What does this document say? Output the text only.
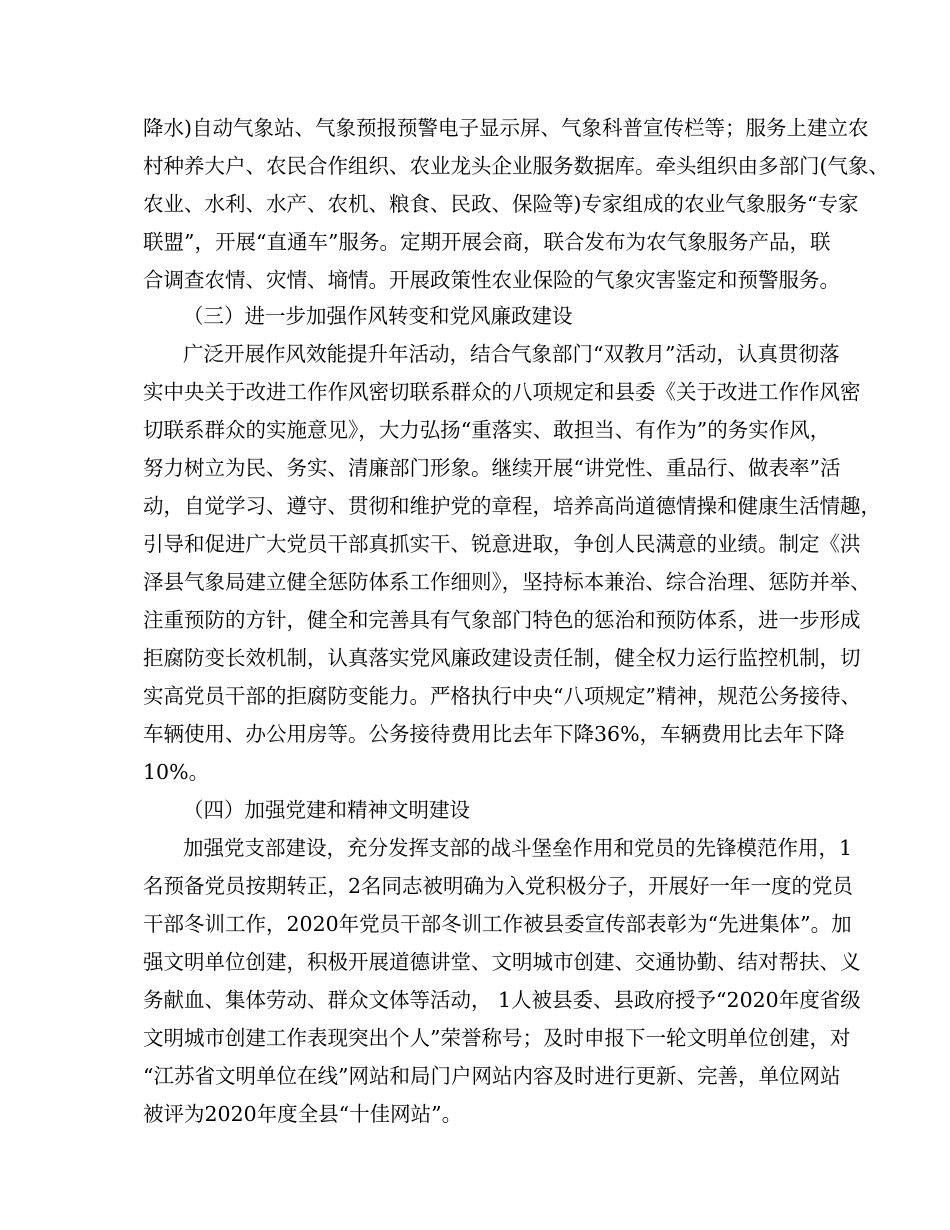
降水)自动气象站、气象预报预警电子显示屏、气象科普宣传栏等；服务上建立农
村种养大户、农民合作组织、农业龙头企业服务数据库。牵头组织由多部门(气象、
农业、水利、水产、农机、粮食、民政、保险等)专家组成的农业气象服务“专家
联盟”，开展“直通车”服务。定期开展会商，联合发布为农气象服务产品，联
合调查农情、灾情、墒情。开展政策性农业保险的气象灾害鉴定和预警服务。
（三）进一步加强作风转变和党风廉政建设
广泛开展作风效能提升年活动，结合气象部门“双教月”活动，认真贯彻落
实中央关于改进工作作风密切联系群众的八项规定和县委《关于改进工作作风密
切联系群众的实施意见》，大力弘扬“重落实、敢担当、有作为”的务实作风，
努力树立为民、务实、清廉部门形象。继续开展“讲党性、重品行、做表率”活
动，自觉学习、遵守、贯彻和维护党的章程，培养高尚道德情操和健康生活情趣，
引导和促进广大党员干部真抓实干、锐意进取，争创人民满意的业绩。制定《洪
泽县气象局建立健全惩防体系工作细则》，坚持标本兼治、综合治理、惩防并举、
注重预防的方针，健全和完善具有气象部门特色的惩治和预防体系，进一步形成
拒腐防变长效机制，认真落实党风廉政建设责任制，健全权力运行监控机制，切
实高党员干部的拒腐防变能力。严格执行中央“八项规定”精神，规范公务接待、
车辆使用、办公用房等。公务接待费用比去年下降36%，车辆费用比去年下降
10%。
（四）加强党建和精神文明建设
加强党支部建设，充分发挥支部的战斗堡垒作用和党员的先锋模范作用，1
名预备党员按期转正，2名同志被明确为入党积极分子，开展好一年一度的党员
干部冬训工作，2020年党员干部冬训工作被县委宣传部表彰为“先进集体”。加
强文明单位创建，积极开展道德讲堂、文明城市创建、交通协勤、结对帮扶、义
务献血、集体劳动、群众文体等活动， 1人被县委、县政府授予“2020年度省级
文明城市创建工作表现突出个人”荣誉称号；及时申报下一轮文明单位创建，对
“江苏省文明单位在线”网站和局门户网站内容及时进行更新、完善，单位网站
被评为2020年度全县“十佳网站”。
